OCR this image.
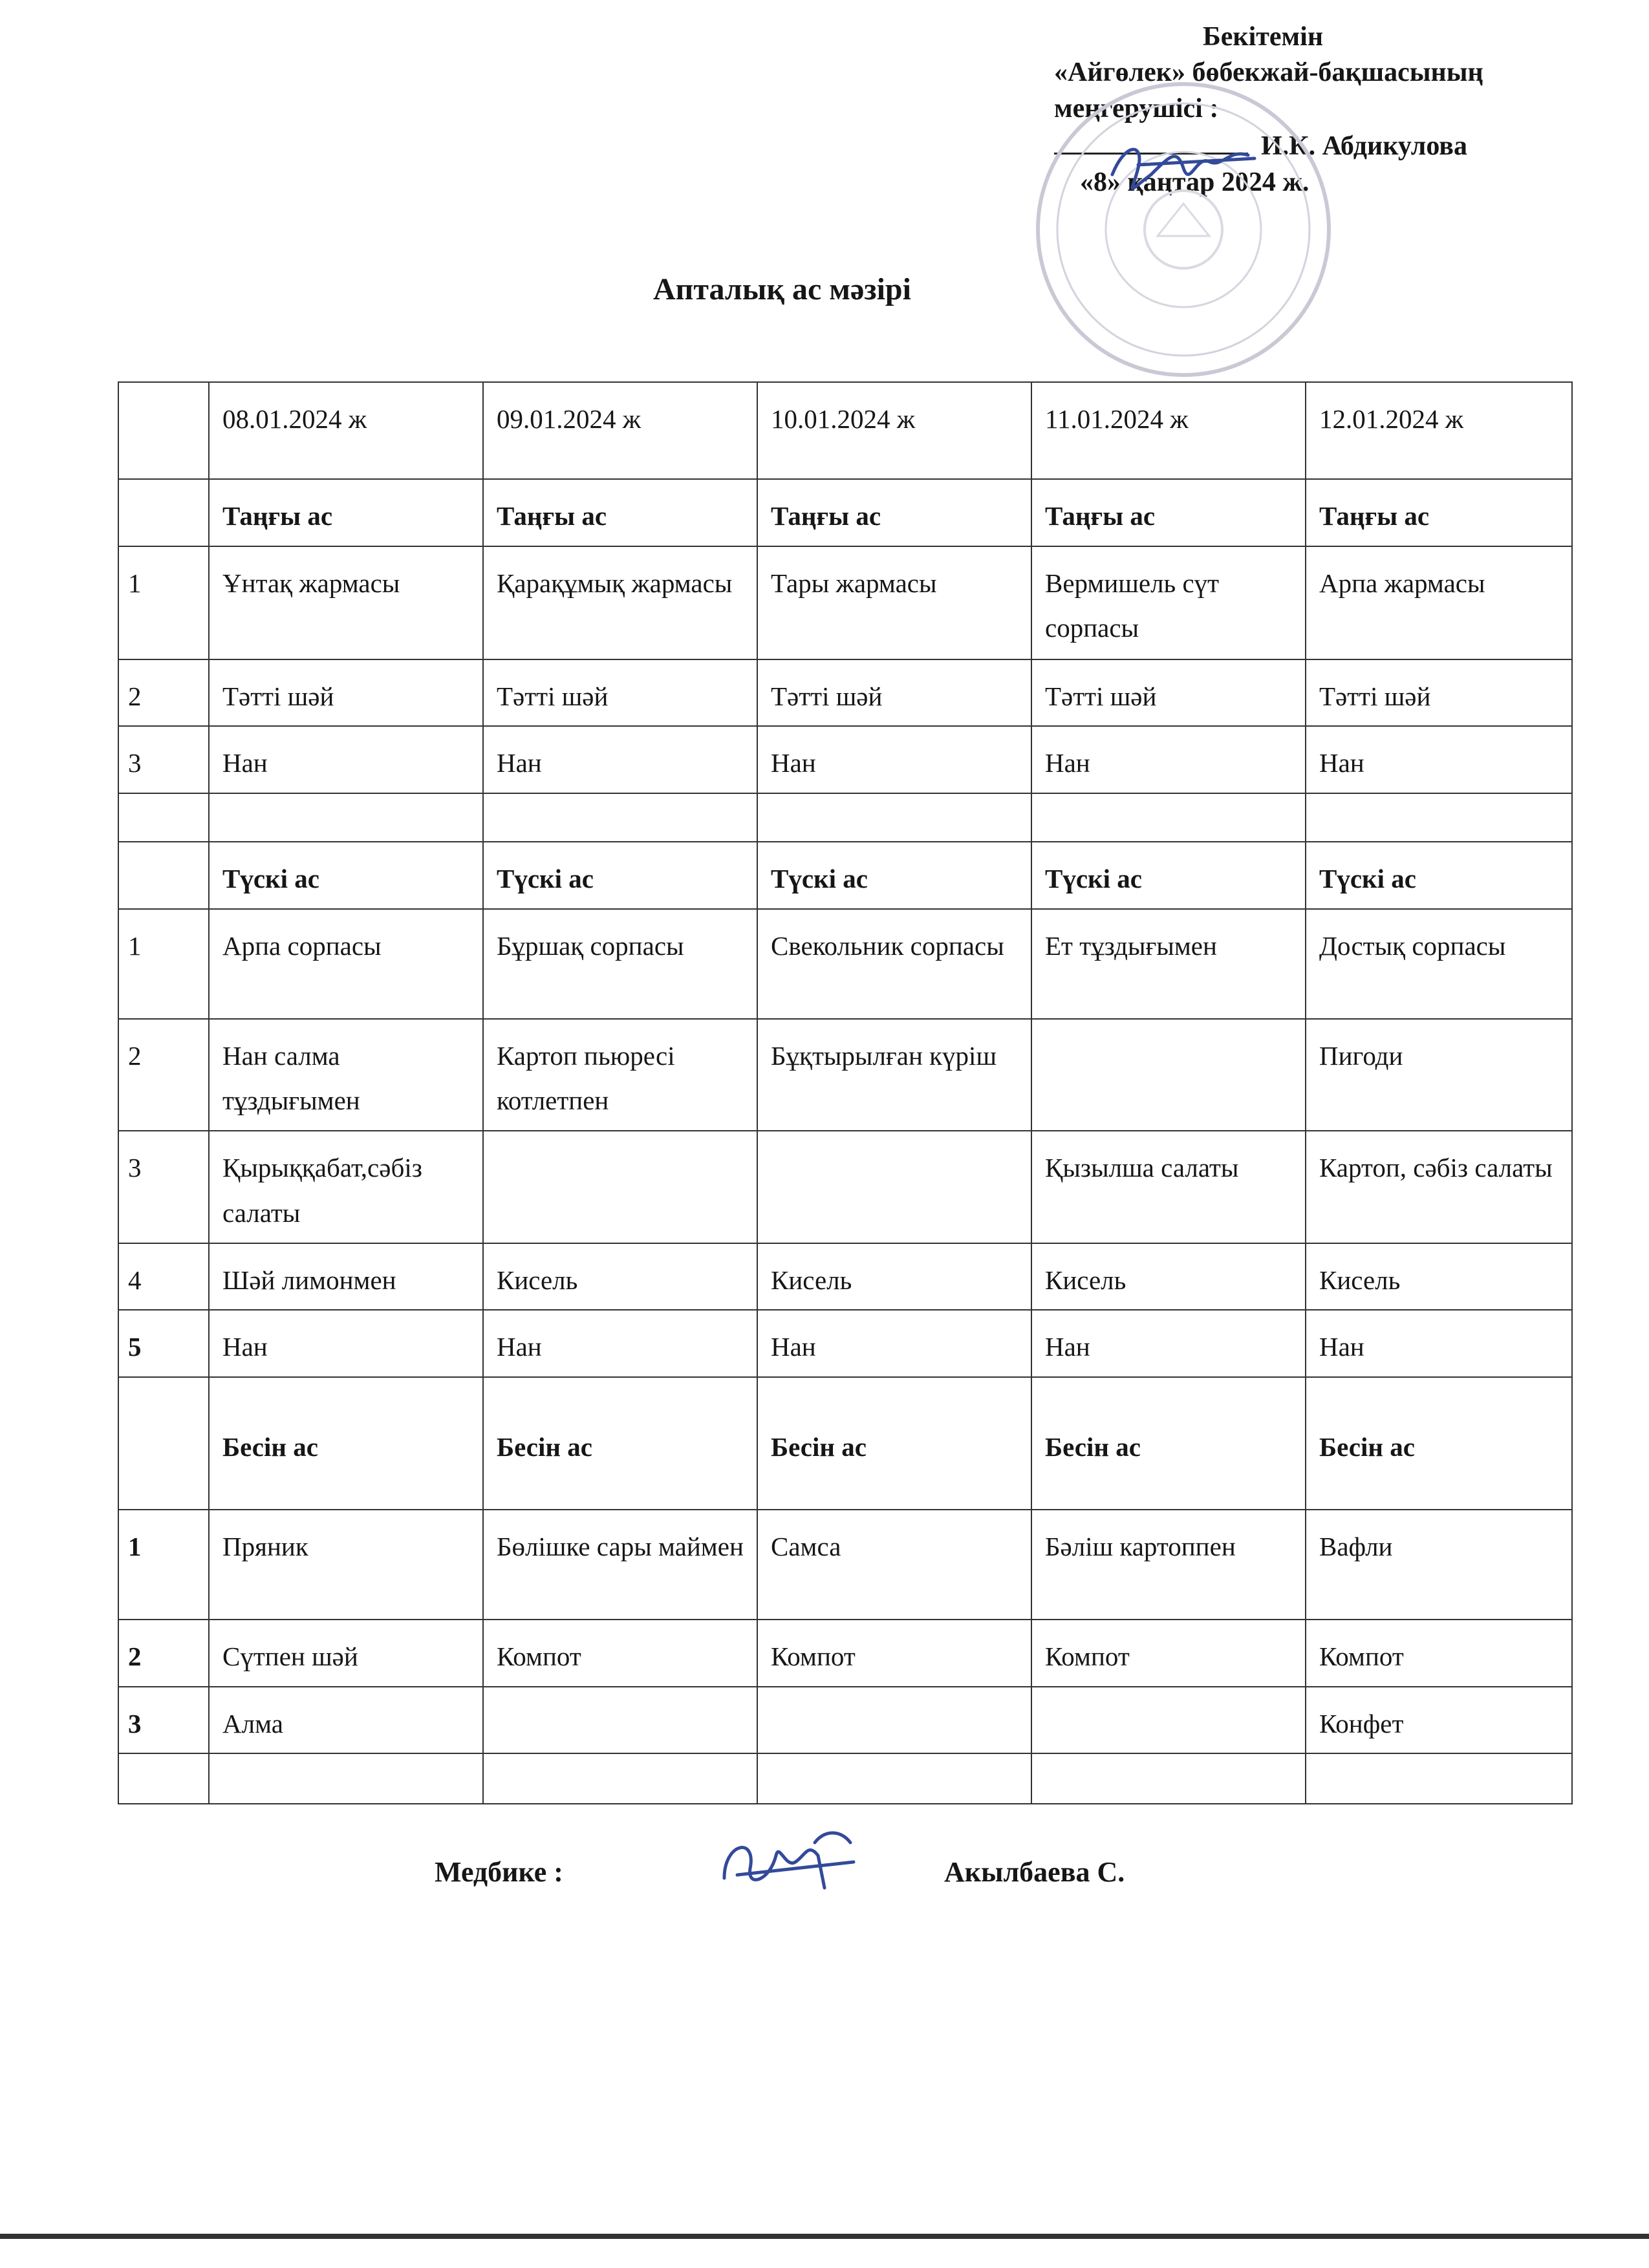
Бекітемін
«Айгөлек» бөбекжай-бақшасының
меңгерушісі :
И.К. Абдикулова
«8» қаңтар 2024 ж.
Апталық ас мәзірі
	08.01.2024 ж	09.01.2024 ж	10.01.2024 ж	11.01.2024 ж	12.01.2024 ж
	Таңғы ас	Таңғы ас	Таңғы ас	Таңғы ас	Таңғы ас
1	Ұнтақ жармасы	Қарақұмық жармасы	Тары жармасы	Вермишель сүт сорпасы	Арпа жармасы
2	Тәтті шәй	Тәтті шәй	Тәтті шәй	Тәтті шәй	Тәтті шәй
3	Нан	Нан	Нан	Нан	Нан

	Түскі ас	Түскі ас	Түскі ас	Түскі ас	Түскі ас
1	Арпа сорпасы	Бұршақ сорпасы	Свекольник сорпасы	Ет тұздығымен	Достық сорпасы
2	Нан салма тұздығымен	Картоп пьюресі котлетпен	Бұқтырылған күріш		Пигоди
3	Қырыққабат,сәбіз салаты			Қызылша салаты	Картоп, сәбіз салаты
4	Шәй лимонмен	Кисель	Кисель	Кисель	Кисель
5	Нан	Нан	Нан	Нан	Нан
	Бесін ас	Бесін ас	Бесін ас	Бесін ас	Бесін ас
1	Пряник	Бөлішке сары маймен	Самса	Бәліш картоппен	Вафли
2	Сүтпен шәй	Компот	Компот	Компот	Компот
3	Алма				Конфет

Медбике :	Акылбаева С.
